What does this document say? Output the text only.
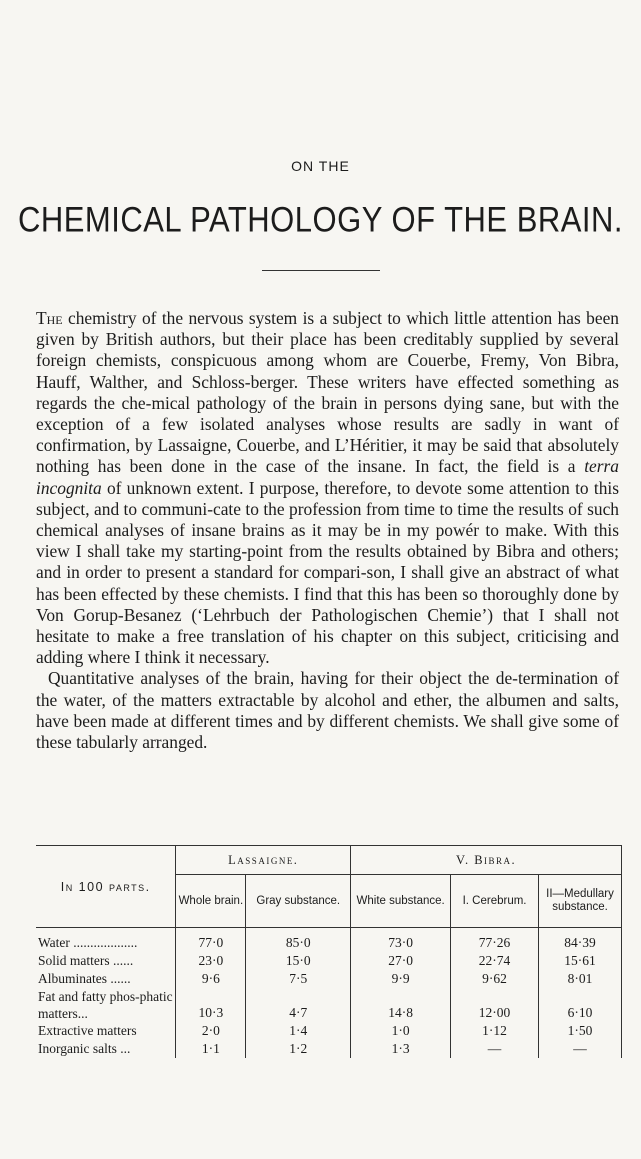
ON THE
CHEMICAL PATHOLOGY OF THE BRAIN.

The chemistry of the nervous system is a subject to which little attention has been given by British authors, but their place has been creditably supplied by several foreign chemists, conspicuous among whom are Couerbe, Fremy, Von Bibra, Hauff, Walther, and Schloss-berger. These writers have effected something as regards the che-mical pathology of the brain in persons dying sane, but with the exception of a few isolated analyses whose results are sadly in want of confirmation, by Lassaigne, Couerbe, and L’Héritier, it may be said that absolutely nothing has been done in the case of the insane. In fact, the field is a terra incognita of unknown extent. I purpose, therefore, to devote some attention to this subject, and to communi-cate to the profession from time to time the results of such chemical analyses of insane brains as it may be in my powér to make. With this view I shall take my starting-point from the results obtained by Bibra and others; and in order to present a standard for compari-son, I shall give an abstract of what has been effected by these chemists. I find that this has been so thoroughly done by Von Gorup-Besanez (‘Lehrbuch der Pathologischen Chemie’) that I shall not hesitate to make a free translation of his chapter on this subject, criticising and adding where I think it necessary.

Quantitative analyses of the brain, having for their object the de-termination of the water, of the matters extractable by alcohol and ether, the albumen and salts, have been made at different times and by different chemists. We shall give some of these tabularly arranged.

In 100 parts.	Lassaigne.		V. Bibra.		
	Whole brain.	Gray substance.	White substance.	I. Cerebrum.	II—Medullary substance.
Water ...................	77·0	85·0	73·0	77·26	84·39
Solid matters ......	23·0	15·0	27·0	22·74	15·61
Albuminates ......	9·6	7·5	9·9	9·62	8·01
Fat and fatty phos-phatic matters...	10·3	4·7	14·8	12·00	6·10
Extractive matters	2·0	1·4	1·0	1·12	1·50
Inorganic salts ...	1·1	1·2	1·3	—	—
